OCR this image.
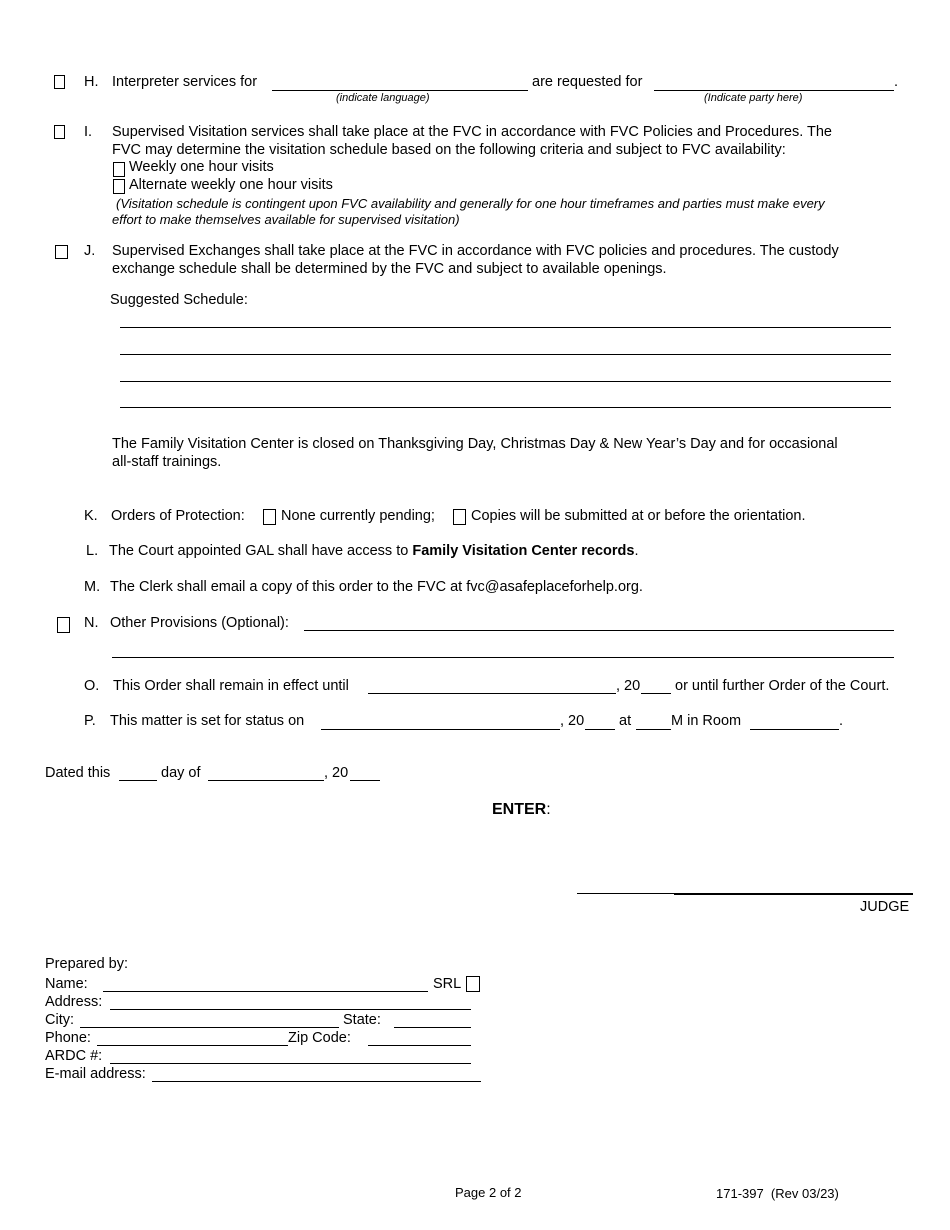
H. Interpreter services for	are requested for	.
(indicate language)	(Indicate party here)
I. Supervised Visitation services shall take place at the FVC in accordance with FVC Policies and Procedures. The
FVC may determine the visitation schedule based on the following criteria and subject to FVC availability:
Weekly one hour visits
Alternate weekly one hour visits
(Visitation schedule is contingent upon FVC availability and generally for one hour timeframes and parties must make every
effort to make themselves available for supervised visitation)
J. Supervised Exchanges shall take place at the FVC in accordance with FVC policies and procedures. The custody
exchange schedule shall be determined by the FVC and subject to available openings.
Suggested Schedule:
The Family Visitation Center is closed on Thanksgiving Day, Christmas Day & New Year’s Day and for occasional
all-staff trainings.
K. Orders of Protection: None currently pending; Copies will be submitted at or before the orientation.
L. The Court appointed GAL shall have access to Family Visitation Center records.
M. The Clerk shall email a copy of this order to the FVC at fvc@asafeplaceforhelp.org.
N. Other Provisions (Optional):
O. This Order shall remain in effect until	, 20 or until further Order of the Court.
P. This matter is set for status on	, 20 at	M in Room	.
Dated this	day of	, 20
ENTER:
JUDGE
Prepared by:
Name:	SRL
Address:
City:	State:
Phone:	Zip Code:
ARDC #:
E-mail address:
Page 2 of 2	171-397  (Rev 03/23)
